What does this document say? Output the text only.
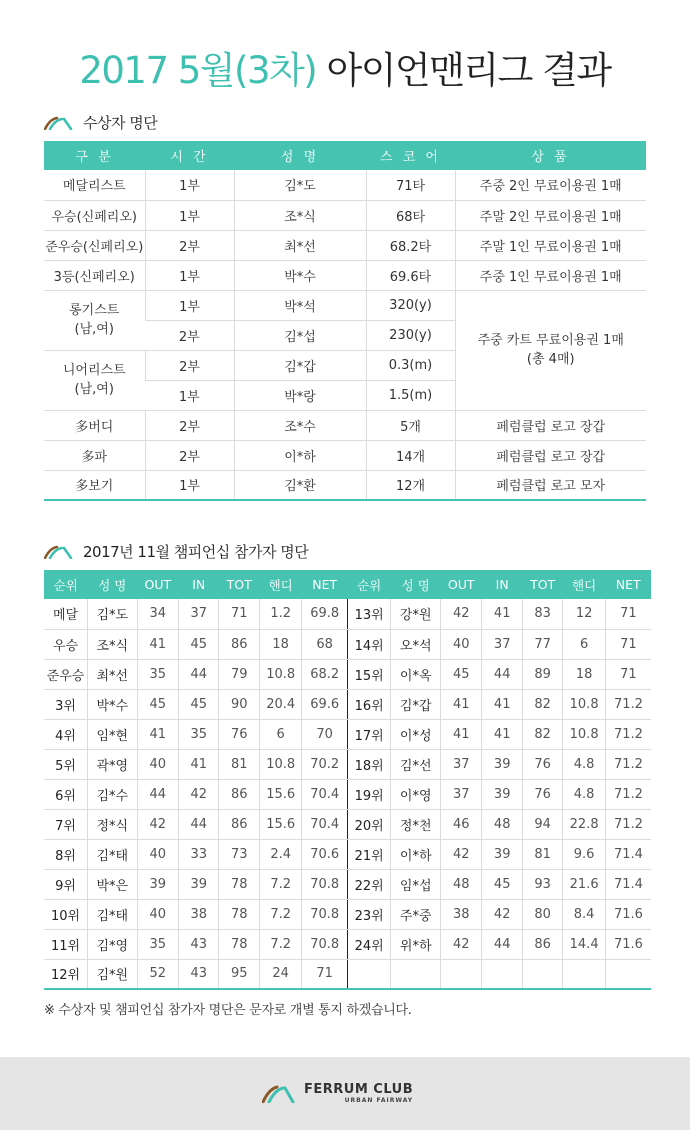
2017 5월(3차) 아이언맨리그 결과
수상자 명단
구 분	시 간	성 명	스 코 어	상 품
메달리스트	1부	김*도	71타	주중 2인 무료이용권 1매
우승(신페리오)	1부	조*식	68타	주말 2인 무료이용권 1매
준우승(신페리오)	2부	최*선	68.2타	주말 1인 무료이용권 1매
3등(신페리오)	1부	박*수	69.6타	주중 1인 무료이용권 1매
롱기스트
(남,여)	1부	박*석	320(y)	주중 카트 무료이용권 1매
(총 4매)
	2부	김*섭	230(y)	
니어리스트
(남,여)	2부	김*갑	0.3(m)	
	1부	박*랑	1.5(m)	
多버디	2부	조*수	5개	페럼클럽 로고 장갑
多파	2부	이*하	14개	페럼클럽 로고 장갑
多보기	1부	김*환	12개	페럼클럽 로고 모자
2017년 11월 챔피언십 참가자 명단
순위	성 명	OUT	IN	TOT	핸디	NET	순위	성 명	OUT	IN	TOT	핸디	NET
메달	김*도	34	37	71	1.2	69.8	13위	강*원	42	41	83	12	71
우승	조*식	41	45	86	18	68	14위	오*석	40	37	77	6	71
준우승	최*선	35	44	79	10.8	68.2	15위	이*옥	45	44	89	18	71
3위	박*수	45	45	90	20.4	69.6	16위	김*갑	41	41	82	10.8	71.2
4위	임*현	41	35	76	6	70	17위	이*성	41	41	82	10.8	71.2
5위	곽*영	40	41	81	10.8	70.2	18위	김*선	37	39	76	4.8	71.2
6위	김*수	44	42	86	15.6	70.4	19위	이*영	37	39	76	4.8	71.2
7위	정*식	42	44	86	15.6	70.4	20위	정*천	46	48	94	22.8	71.2
8위	김*태	40	33	73	2.4	70.6	21위	이*하	42	39	81	9.6	71.4
9위	박*은	39	39	78	7.2	70.8	22위	임*섭	48	45	93	21.6	71.4
10위	김*태	40	38	78	7.2	70.8	23위	주*중	38	42	80	8.4	71.6
11위	김*영	35	43	78	7.2	70.8	24위	위*하	42	44	86	14.4	71.6
12위	김*원	52	43	95	24	71							
※ 수상자 및 챔피언십 참가자 명단은 문자로 개별 통지 하겠습니다.
FERRUM CLUB
URBAN FAIRWAY
